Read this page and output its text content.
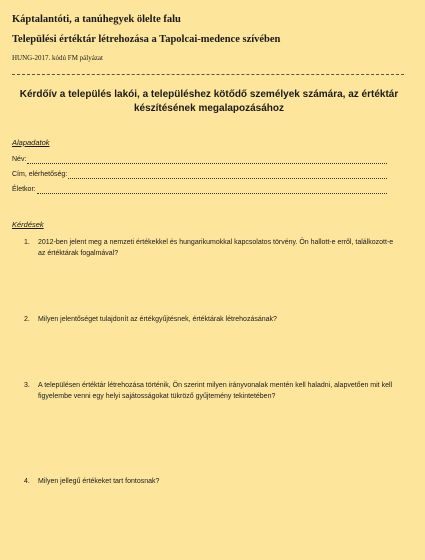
Káptalantóti, a tanúhegyek ölelte falu
Települési értéktár létrehozása a Tapolcai-medence szívében
HUNG-2017. kódú FM pályázat
Kérdőív a település lakói, a településhez kötődő személyek számára, az értéktár készítésének megalapozásához
Alapadatok
Név:
Cím, elérhetőség:
Életkor:
Kérdések
1.	2012-ben jelent meg a nemzeti értékekkel és hungarikumokkal kapcsolatos törvény. Ön hallott-e erről, találkozott-e az értéktárak fogalmával?
2.	Milyen jelentőséget tulajdonít az értékgyűjtésnek, értéktárak létrehozásának?
3.	A településen értéktár létrehozása történik, Ön szerint milyen irányvonalak mentén kell haladni, alapvetően mit kell figyelembe venni egy helyi sajátosságokat tükröző gyűjtemény tekintetében?
4.	Milyen jellegű értékeket tart fontosnak?
